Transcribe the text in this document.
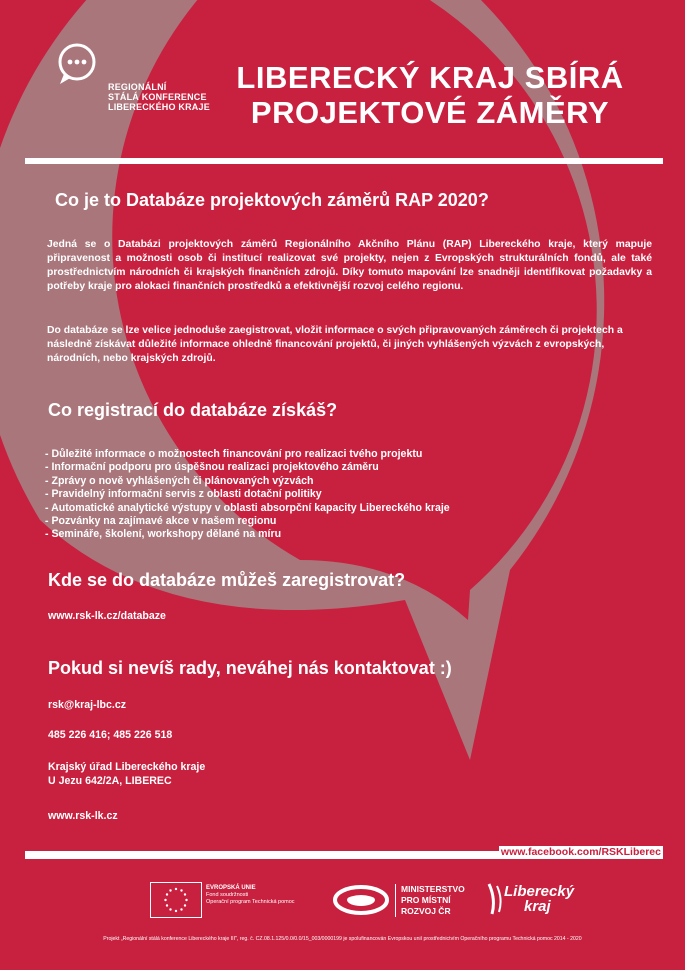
REGIONÁLNÍ
STÁLÁ KONFERENCE
LIBERECKÉHO KRAJE
LIBERECKÝ KRAJ SBÍRÁ
PROJEKTOVÉ ZÁMĚRY
Co je to Databáze projektových záměrů RAP 2020?

Jedná se o Databázi projektových záměrů Regionálního Akčního Plánu (RAP) Libereckého kraje, který mapuje připravenost a možnosti osob či institucí realizovat své projekty, nejen z Evropských strukturálních fondů, ale také prostřednictvím národních či krajských finančních zdrojů. Díky tomuto mapování lze snadněji identifikovat požadavky a potřeby kraje pro alokaci finančních prostředků a efektivnější rozvoj celého regionu.

Do databáze se lze velice jednoduše zaegistrovat, vložit informace o svých připravovaných záměrech či projektech a následně získávat důležité informace ohledně financování projektů, či jiných vyhlášených výzvách z evropských, národních, nebo krajských zdrojů.

Co registrací do databáze získáš?
- Důležité informace o možnostech financování pro realizaci tvého projektu
- Informační podporu pro úspěšnou realizaci projektového záměru
- Zprávy o nově vyhlášených či plánovaných výzvách
- Pravidelný informační servis z oblasti dotační politiky
- Automatické analytické výstupy v oblasti absorpční kapacity Libereckého kraje
- Pozvánky na zajímavé akce v našem regionu
- Semináře, školení, workshopy dělané na míru
Kde se do databáze můžeš zaregistrovat?
www.rsk-lk.cz/databaze
Pokud si nevíš rady, neváhej nás kontaktovat :)
rsk@kraj-lbc.cz
485 226 416; 485 226 518
Krajský úřad Libereckého kraje
U Jezu 642/2A, LIBEREC
www.rsk-lk.cz
www.facebook.com/RSKLiberec
EVROPSKÁ UNIE
Fond soudržnosti
Operační program Technická pomoc
MINISTERSTVO
PRO MÍSTNÍ
ROZVOJ ČR
Liberecký
kraj
Projekt „Regionální stálá konference Libereckého kraje III", reg. č. CZ.08.1.125/0.0/0.0/15_003/0000199 je spolufinancován Evropskou unií prostřednictvím Operačního programu Technická pomoc 2014 - 2020
